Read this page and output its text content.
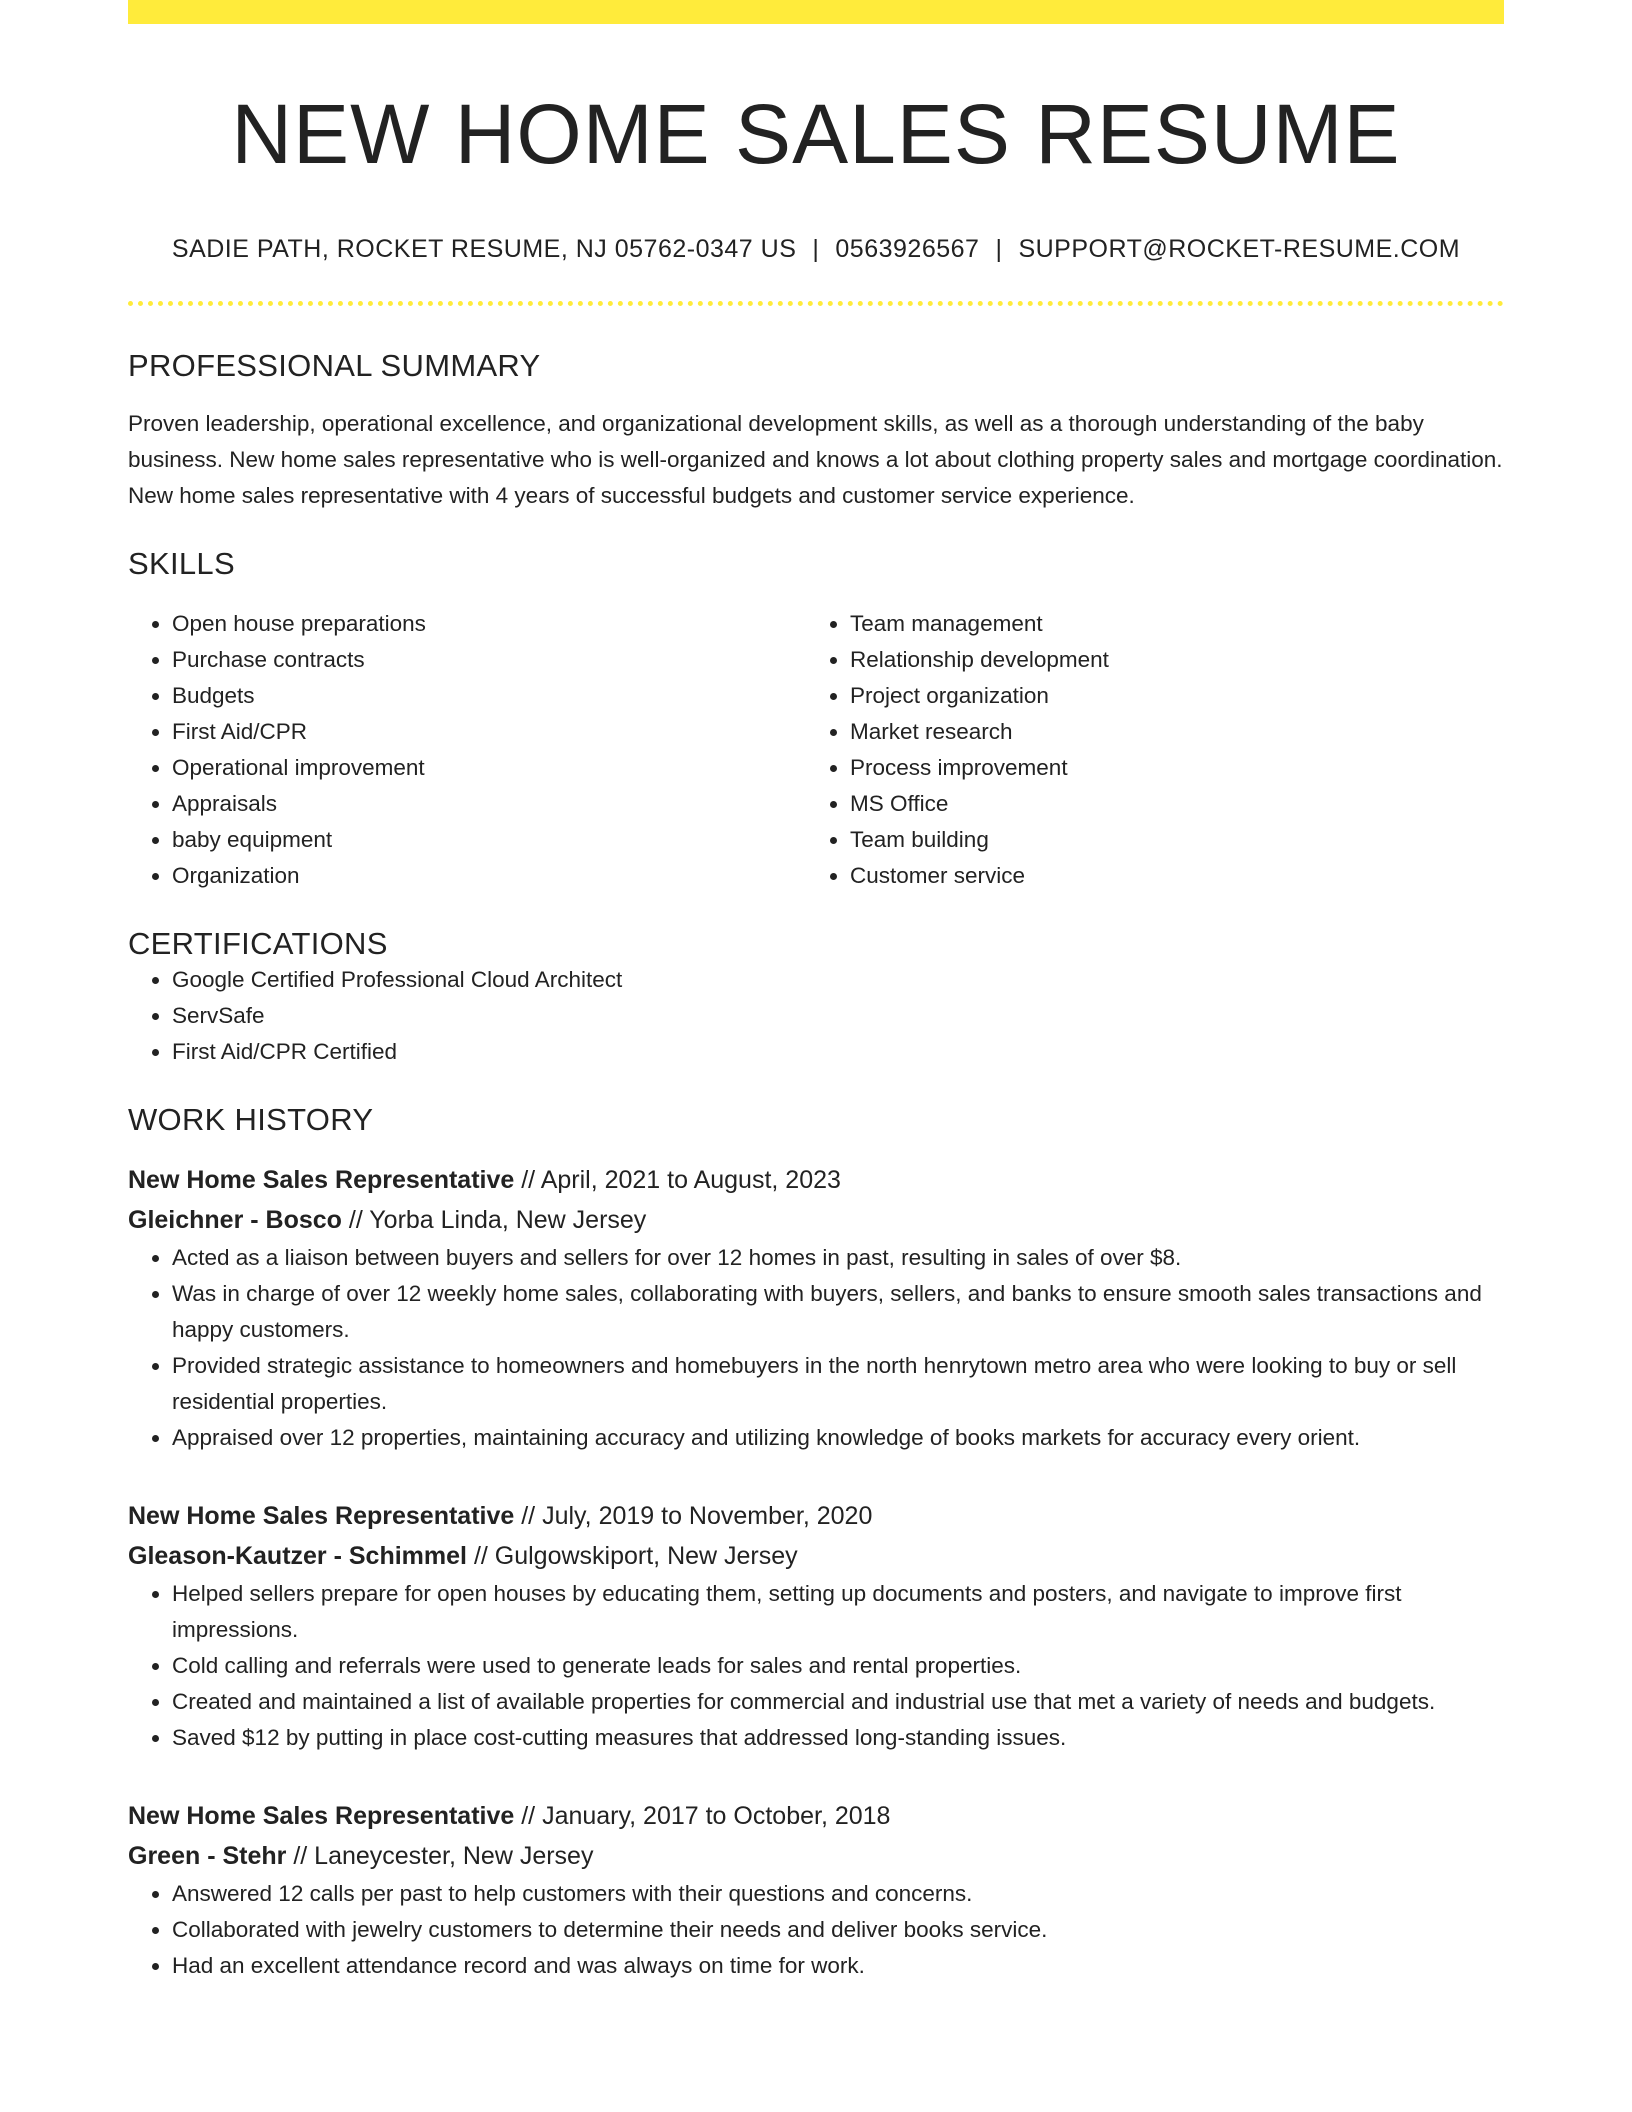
NEW HOME SALES RESUME
SADIE PATH, ROCKET RESUME, NJ 05762-0347 US | 0563926567 | SUPPORT@ROCKET-RESUME.COM
PROFESSIONAL SUMMARY
Proven leadership, operational excellence, and organizational development skills, as well as a thorough understanding of the baby business. New home sales representative who is well-organized and knows a lot about clothing property sales and mortgage coordination. New home sales representative with 4 years of successful budgets and customer service experience.
SKILLS
• Open house preparations
• Purchase contracts
• Budgets
• First Aid/CPR
• Operational improvement
• Appraisals
• baby equipment
• Organization
• Team management
• Relationship development
• Project organization
• Market research
• Process improvement
• MS Office
• Team building
• Customer service
CERTIFICATIONS
• Google Certified Professional Cloud Architect
• ServSafe
• First Aid/CPR Certified
WORK HISTORY
New Home Sales Representative // April, 2021 to August, 2023
Gleichner - Bosco // Yorba Linda, New Jersey
• Acted as a liaison between buyers and sellers for over 12 homes in past, resulting in sales of over $8.
• Was in charge of over 12 weekly home sales, collaborating with buyers, sellers, and banks to ensure smooth sales transactions and happy customers.
• Provided strategic assistance to homeowners and homebuyers in the north henrytown metro area who were looking to buy or sell residential properties.
• Appraised over 12 properties, maintaining accuracy and utilizing knowledge of books markets for accuracy every orient.
New Home Sales Representative // July, 2019 to November, 2020
Gleason-Kautzer - Schimmel // Gulgowskiport, New Jersey
• Helped sellers prepare for open houses by educating them, setting up documents and posters, and navigate to improve first impressions.
• Cold calling and referrals were used to generate leads for sales and rental properties.
• Created and maintained a list of available properties for commercial and industrial use that met a variety of needs and budgets.
• Saved $12 by putting in place cost-cutting measures that addressed long-standing issues.
New Home Sales Representative // January, 2017 to October, 2018
Green - Stehr // Laneycester, New Jersey
• Answered 12 calls per past to help customers with their questions and concerns.
• Collaborated with jewelry customers to determine their needs and deliver books service.
• Had an excellent attendance record and was always on time for work.
